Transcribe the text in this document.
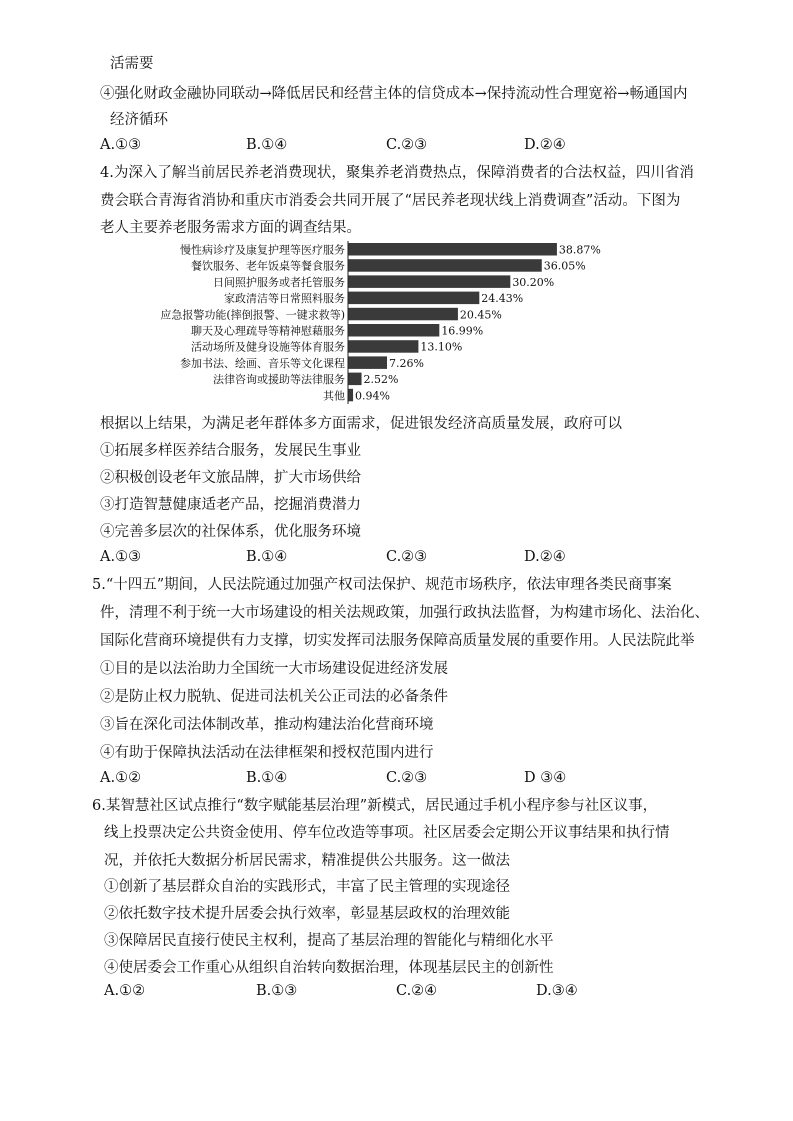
活需要
④强化财政金融协同联动→降低居民和经营主体的信贷成本→保持流动性合理宽裕→畅通国内
经济循环
A.①③	B.①④	C.②③	D.②④
4.为深入了解当前居民养老消费现状，聚集养老消费热点，保障消费者的合法权益，四川省消
费会联合青海省消协和重庆市消委会共同开展了“居民养老现状线上消费调查”活动。下图为
老人主要养老服务需求方面的调查结果。
慢性病诊疗及康复护理等医疗服务	38.87%
餐饮服务、老年饭桌等餐食服务	36.05%
日间照护服务或者托管服务	30.20%
家政清洁等日常照料服务	24.43%
应急报警功能(摔倒报警、一键求救等)	20.45%
聊天及心理疏导等精神慰藉服务	16.99%
活动场所及健身设施等体育服务	13.10%
参加书法、绘画、音乐等文化课程	7.26%
法律咨询或援助等法律服务 2.52%
其他 0.94%
根据以上结果，为满足老年群体多方面需求，促进银发经济高质量发展，政府可以
①拓展多样医养结合服务，发展民生事业
②积极创设老年文旅品牌，扩大市场供给
③打造智慧健康适老产品，挖掘消费潜力
④完善多层次的社保体系，优化服务环境
A.①③	B.①④	C.②③	D.②④
5.“十四五”期间，人民法院通过加强产权司法保护、规范市场秩序，依法审理各类民商事案
件，清理不利于统一大市场建设的相关法规政策，加强行政执法监督，为构建市场化、法治化、
国际化营商环境提供有力支撑，切实发挥司法服务保障高质量发展的重要作用。人民法院此举
①目的是以法治助力全国统一大市场建设促进经济发展
②是防止权力脱轨、促进司法机关公正司法的必备条件
③旨在深化司法体制改革，推动构建法治化营商环境
④有助于保障执法活动在法律框架和授权范围内进行
A.①②	B.①④	C.②③	D ③④
6.某智慧社区试点推行“数字赋能基层治理”新模式，居民通过手机小程序参与社区议事，
线上投票决定公共资金使用、停车位改造等事项。社区居委会定期公开议事结果和执行情
况，并依托大数据分析居民需求，精准提供公共服务。这一做法
①创新了基层群众自治的实践形式，丰富了民主管理的实现途径
②依托数字技术提升居委会执行效率，彰显基层政权的治理效能
③保障居民直接行使民主权利，提高了基层治理的智能化与精细化水平
④使居委会工作重心从组织自治转向数据治理，体现基层民主的创新性
A.①②	B.①③	C.②④	D.③④
